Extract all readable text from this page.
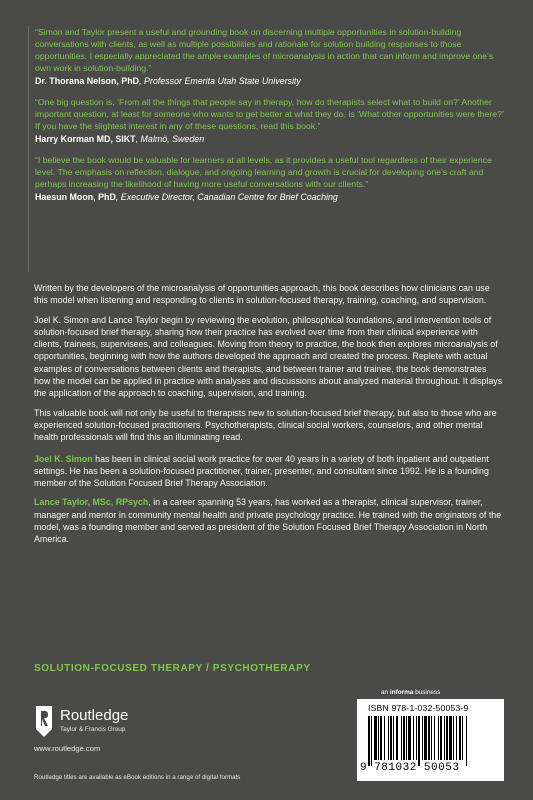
“Simon and Taylor present a useful and grounding book on discerning multiple opportunities in solution-building conversations with clients, as well as multiple possibilities and rationale for solution building responses to those opportunities. I especially appreciated the ample examples of microanalysis in action that can inform and improve one’s own work in solution-building.”

Dr. Thorana Nelson, PhD, Professor Emerita Utah State University

“One big question is, ‘From all the things that people say in therapy, how do therapists select what to build on?’ Another important question, at least for someone who wants to get better at what they do, is ‘What other opportunities were there?’ If you have the slightest interest in any of these questions, read this book.”

Harry Korman MD, SIKT, Malmö, Sweden

“I believe the book would be valuable for learners at all levels, as it provides a useful tool regardless of their experience level. The emphasis on reflection, dialogue, and ongoing learning and growth is crucial for developing one’s craft and perhaps increasing the likelihood of having more useful conversations with our clients.”

Haesun Moon, PhD, Executive Director, Canadian Centre for Brief Coaching

Written by the developers of the microanalysis of opportunities approach, this book describes how clinicians can use this model when listening and responding to clients in solution-focused therapy, training, coaching, and supervision.

Joel K. Simon and Lance Taylor begin by reviewing the evolution, philosophical foundations, and intervention tools of solution-focused brief therapy, sharing how their practice has evolved over time from their clinical experience with clients, trainees, supervisees, and colleagues. Moving from theory to practice, the book then explores microanalysis of opportunities, beginning with how the authors developed the approach and created the process. Replete with actual examples of conversations between clients and therapists, and between trainer and trainee, the book demonstrates how the model can be applied in practice with analyses and discussions about analyzed material throughout. It displays the application of the approach to coaching, supervision, and training.

This valuable book will not only be useful to therapists new to solution-focused brief therapy, but also to those who are experienced solution-focused practitioners. Psychotherapists, clinical social workers, counselors, and other mental health professionals will find this an illuminating read.

Joel K. Simon has been in clinical social work practice for over 40 years in a variety of both inpatient and outpatient settings. He has been a solution-focused practitioner, trainer, presenter, and consultant since 1992. He is a founding member of the Solution Focused Brief Therapy Association.

Lance Taylor, MSc, RPsych, in a career spanning 53 years, has worked as a therapist, clinical supervisor, trainer, manager and mentor in community mental health and private psychology practice. He trained with the originators of the model, was a founding member and served as president of the Solution Focused Brief Therapy Association in North America.

SOLUTION-FOCUSED THERAPY / PSYCHOTHERAPY
Routledge
Taylor & Francis Group
www.routledge.com
an informa business
ISBN 978-1-032-50053-9
9 781032 50053
Routledge titles are available as eBook editions in a range of digital formats
